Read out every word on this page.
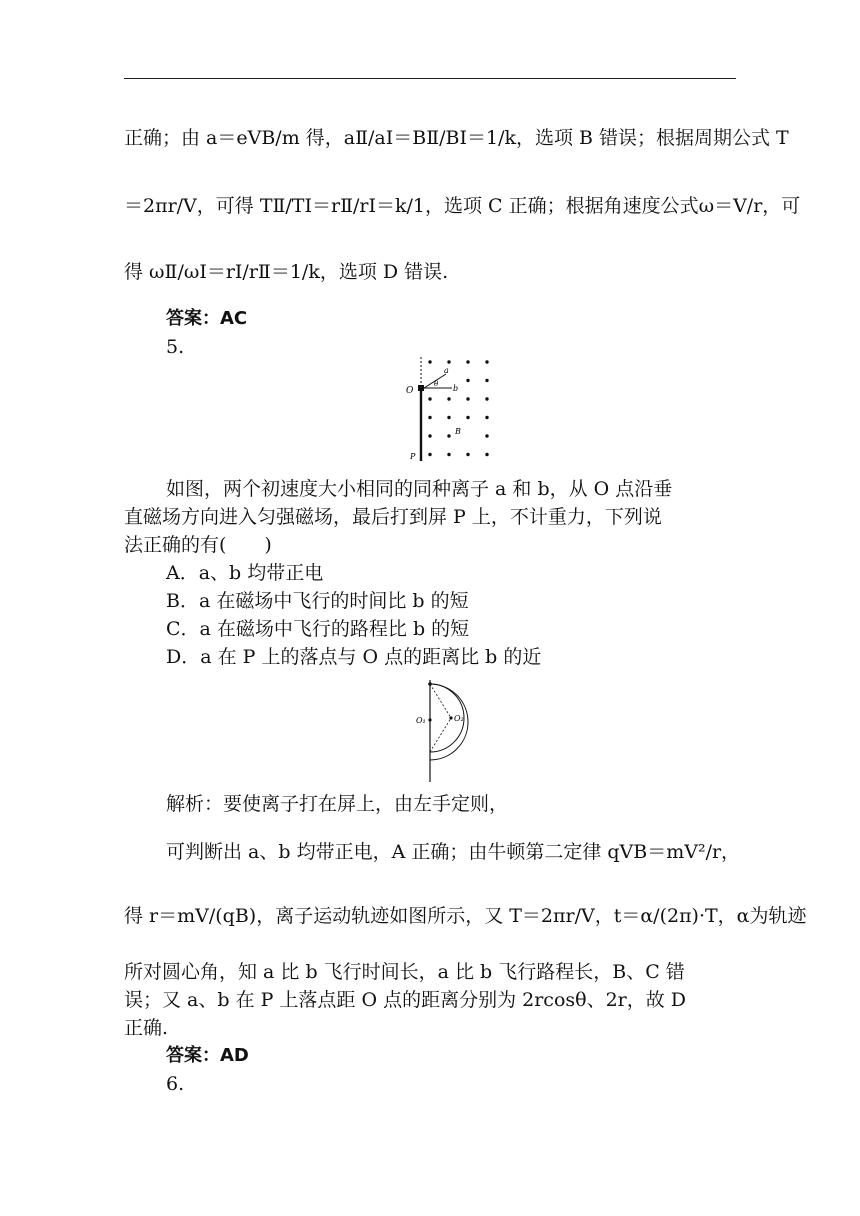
正确；由 a＝eVB/m 得，aⅡ/aⅠ＝BⅡ/BⅠ＝1/k，选项 B 错误；根据周期公式 T
＝2πr/V，可得 TⅡ/TⅠ＝rⅡ/rⅠ＝k/1，选项 C 正确；根据角速度公式ω＝V/r，可
得 ωⅡ/ωⅠ＝rⅠ/rⅡ＝1/k，选项 D 错误.
答案：AC
5.
O
a
b
θ
B
P
如图，两个初速度大小相同的同种离子 a 和 b，从 O 点沿垂
直磁场方向进入匀强磁场，最后打到屏 P 上，不计重力，下列说
法正确的有(　　)
A．a、b 均带正电
B．a 在磁场中飞行的时间比 b 的短
C．a 在磁场中飞行的路程比 b 的短
D．a 在 P 上的落点与 O 点的距离比 b 的近
O₁	O₂
解析：要使离子打在屏上，由左手定则，
可判断出 a、b 均带正电，A 正确；由牛顿第二定律 qVB＝mV²/r，
得 r＝mV/(qB)，离子运动轨迹如图所示，又 T＝2πr/V，t＝α/(2π)·T，α为轨迹
所对圆心角，知 a 比 b 飞行时间长，a 比 b 飞行路程长，B、C 错
误；又 a、b 在 P 上落点距 O 点的距离分别为 2rcosθ、2r，故 D
正确.
答案：AD
6.
